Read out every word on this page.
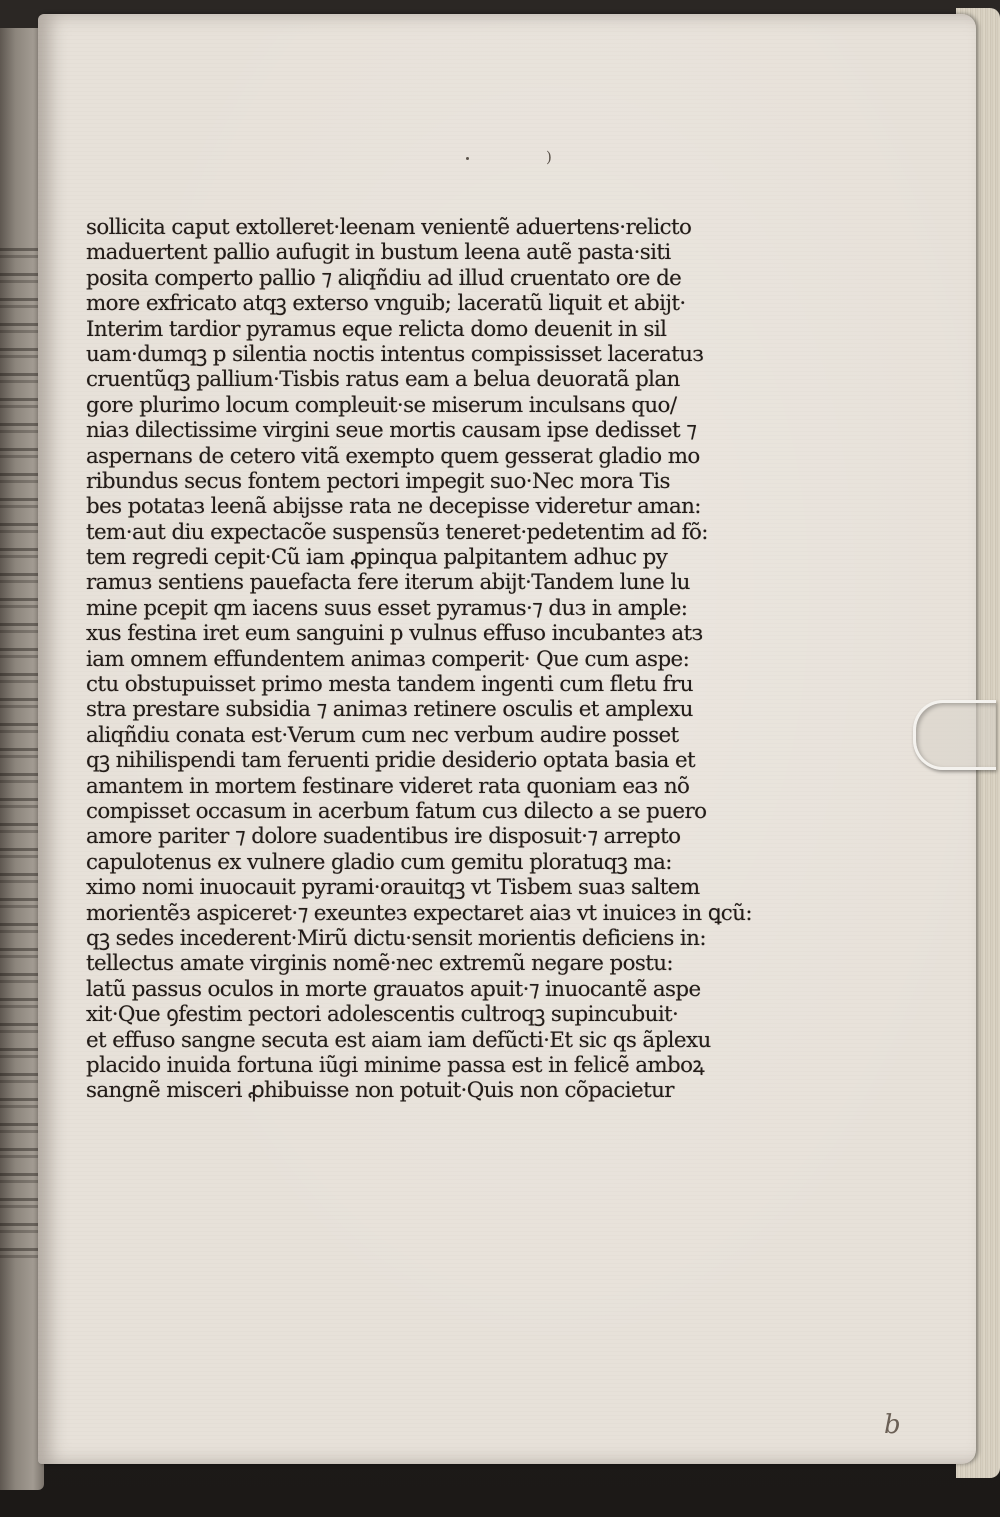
)
sollicita caput extolleret·leenam venientẽ aduertens·relicto
maduertent pallio aufugit in bustum leena autẽ pasta·siti
posita comperto pallio ⁊ aliqñdiu ad illud cruentato ore de
more exfricato atqꝫ extersо vnguib; laceratũ liquit et abijt·
Interim tardior pyramus eque relicta domo deuenit in sil
uam·dumqꝫ p silentia noctis intentus compississet laceratuз
cruentũqꝫ pallium·Tisbis ratus eam a belua deuoratã plan
gore plurimo locum compleuit·se miserum inculsans quo/
niaз dilectissime virgini seue mortis causam ipse dedisset ⁊
aspernans de cetero vitã exempto quem gesserat gladio mo
ribundus secus fontem pectori impegit suo·Nec mora Tis
bes potataз leenã abijsse rata ne decepisse videretur aman:
tem·aut diu expectacõe suspensũз teneret·pedetentim ad fõ:
tem regredi cepit·Cũ iam ꝓpinqua palpitantem adhuc py
ramuз sentiens pauefacta fere iterum abijt·Tandem lune lu
mine pcepit qm iacens suus esset pyramus·⁊ duз in ample:
xus festina iret eum sanguini p vulnus effuso incubanteз atз
iam omnem effundentem animaз comperit· Que cum aspe:
ctu obstupuisset primo mesta tandem ingenti cum fletu fru
stra prestare subsidia ⁊ animaз retinere osculis et amplexu
aliqñdiu conata est·Verum cum nec verbum audire posset
qꝫ nihilispendi tam feruenti pridie desiderio optata basia et
amantem in mortem festinare videret rata quoniam eaз nõ
compisset occasum in acerbum fatum cuз dilecto a se puero
amore pariter ⁊ dolore suadentibus ire disposuit·⁊ arrepto
capulotenus ex vulnere gladio cum gemitu ploratuqꝫ ma:
ximo nomi inuocauit pyrami·orauitqꝫ vt Tisbem suaз saltem
morientẽз aspiceret·⁊ exeunteз expectaret aiaз vt inuiceз in ꝗcũ:
qꝫ sedes incederent·Mirũ dictu·sensit morientis deficiens in:
tellectus amate virginis nomẽ·nec extremũ negare postu:
latũ passus oculos in morte grauatos apuit·⁊ inuocantẽ aspe
xit·Que ꝯfestim pectori adolescentis cultroqꝫ supincubuit·
et effuso sangne secuta est aiam iam defũcti·Et sic qs ãplexu
placido inuida fortuna iũgi minime passa est in felicẽ amboꝝ
sangnẽ misceri ꝓhibuisse non potuit·Quis non cõpacietur
b
